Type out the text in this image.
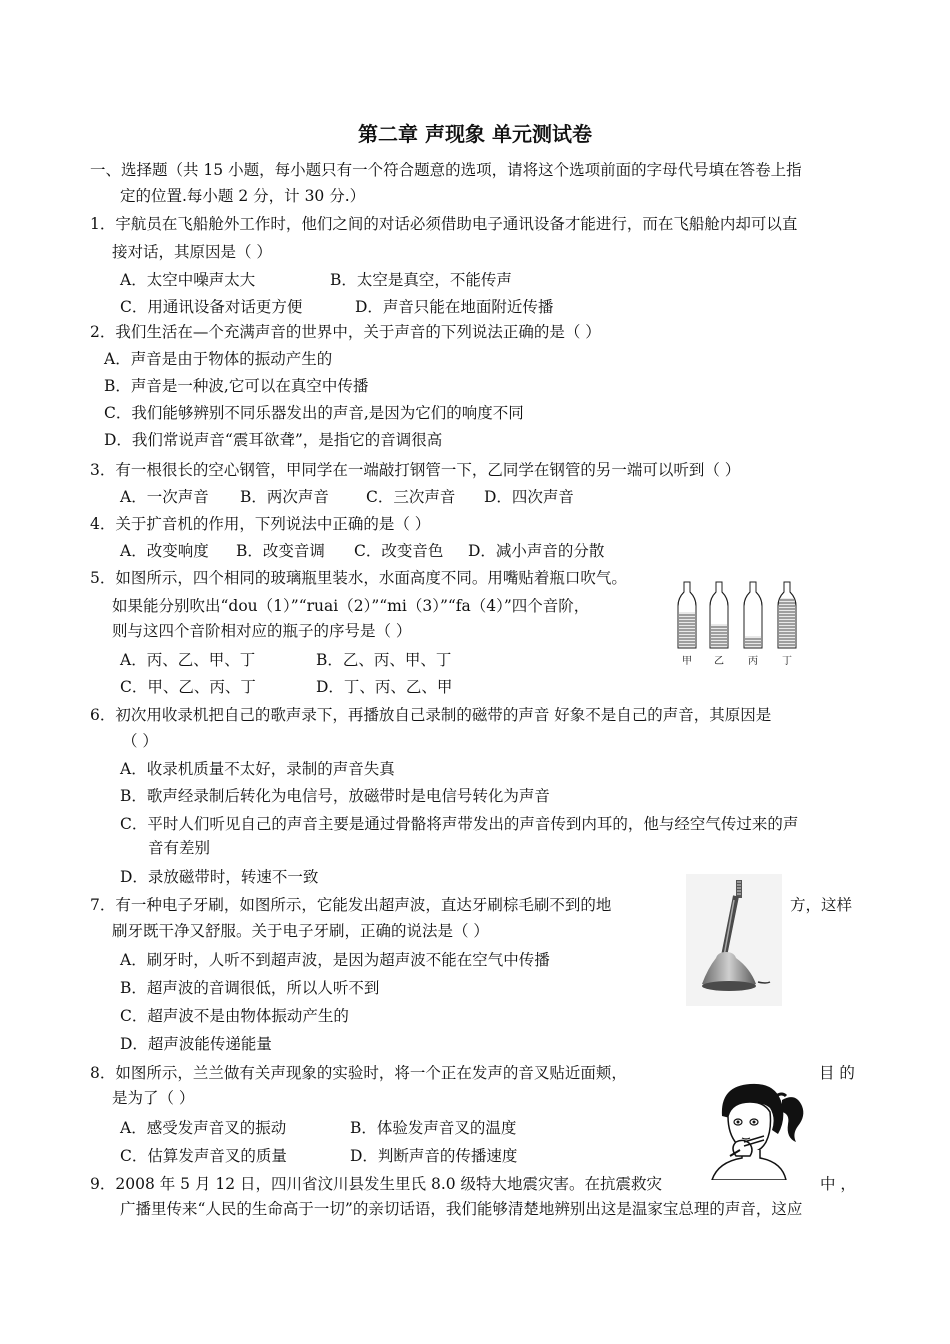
第二章 声现象 单元测试卷
一、选择题（共 15 小题，每小题只有一个符合题意的选项，请将这个选项前面的字母代号填在答卷上指
定的位置.每小题 2 分，计 30 分.）
1．宇航员在飞船舱外工作时，他们之间的对话必须借助电子通讯设备才能进行，而在飞船舱内却可以直
接对话，其原因是（ ）
A．太空中噪声太大	B．太空是真空，不能传声
C．用通讯设备对话更方便	D．声音只能在地面附近传播
2．我们生活在—个充满声音的世界中，关于声音的下列说法正确的是（ ）
A．声音是由于物体的振动产生的
B．声音是一种波,它可以在真空中传播
C．我们能够辨别不同乐器发出的声音,是因为它们的响度不同
D．我们常说声音“震耳欲聋”，是指它的音调很高
3．有一根很长的空心钢管，甲同学在一端敲打钢管一下，乙同学在钢管的另一端可以听到（ ）
A．一次声音 B．两次声音 C．三次声音 D．四次声音
4．关于扩音机的作用，下列说法中正确的是（ ）
A．改变响度 B．改变音调 C．改变音色 D．减小声音的分散
5．如图所示，四个相同的玻璃瓶里装水，水面高度不同。用嘴贴着瓶口吹气。
如果能分别吹出“dou（1）”“ruai（2）”“mi（3）”“fa（4）”四个音阶，
则与这四个音阶相对应的瓶子的序号是（ ）
A．丙、乙、甲、丁	B．乙、丙、甲、丁
C．甲、乙、丙、丁	D．丁、丙、乙、甲
甲 乙 丙 丁
6．初次用收录机把自己的歌声录下，再播放自己录制的磁带的声音 好象不是自己的声音，其原因是
（ ）
A．收录机质量不太好，录制的声音失真
B．歌声经录制后转化为电信号，放磁带时是电信号转化为声音
C．平时人们听见自己的声音主要是通过骨骼将声带发出的声音传到内耳的，他与经空气传过来的声
音有差别
D．录放磁带时，转速不一致
7．有一种电子牙刷，如图所示，它能发出超声波，直达牙刷棕毛刷不到的地	方，这样
刷牙既干净又舒服。关于电子牙刷，正确的说法是（ ）
A．刷牙时，人听不到超声波，是因为超声波不能在空气中传播
B．超声波的音调很低，所以人听不到
C．超声波不是由物体振动产生的
D．超声波能传递能量
8．如图所示，兰兰做有关声现象的实验时，将一个正在发声的音叉贴近面颊，	目 的
是为了（ ）
A．感受发声音叉的振动	B．体验发声音叉的温度
C．估算发声音叉的质量	D．判断声音的传播速度
9．2008 年 5 月 12 日，四川省汶川县发生里氏 8.0 级特大地震灾害。在抗震救灾	中 ，
广播里传来“人民的生命高于一切”的亲切话语，我们能够清楚地辨别出这是温家宝总理的声音，这应
